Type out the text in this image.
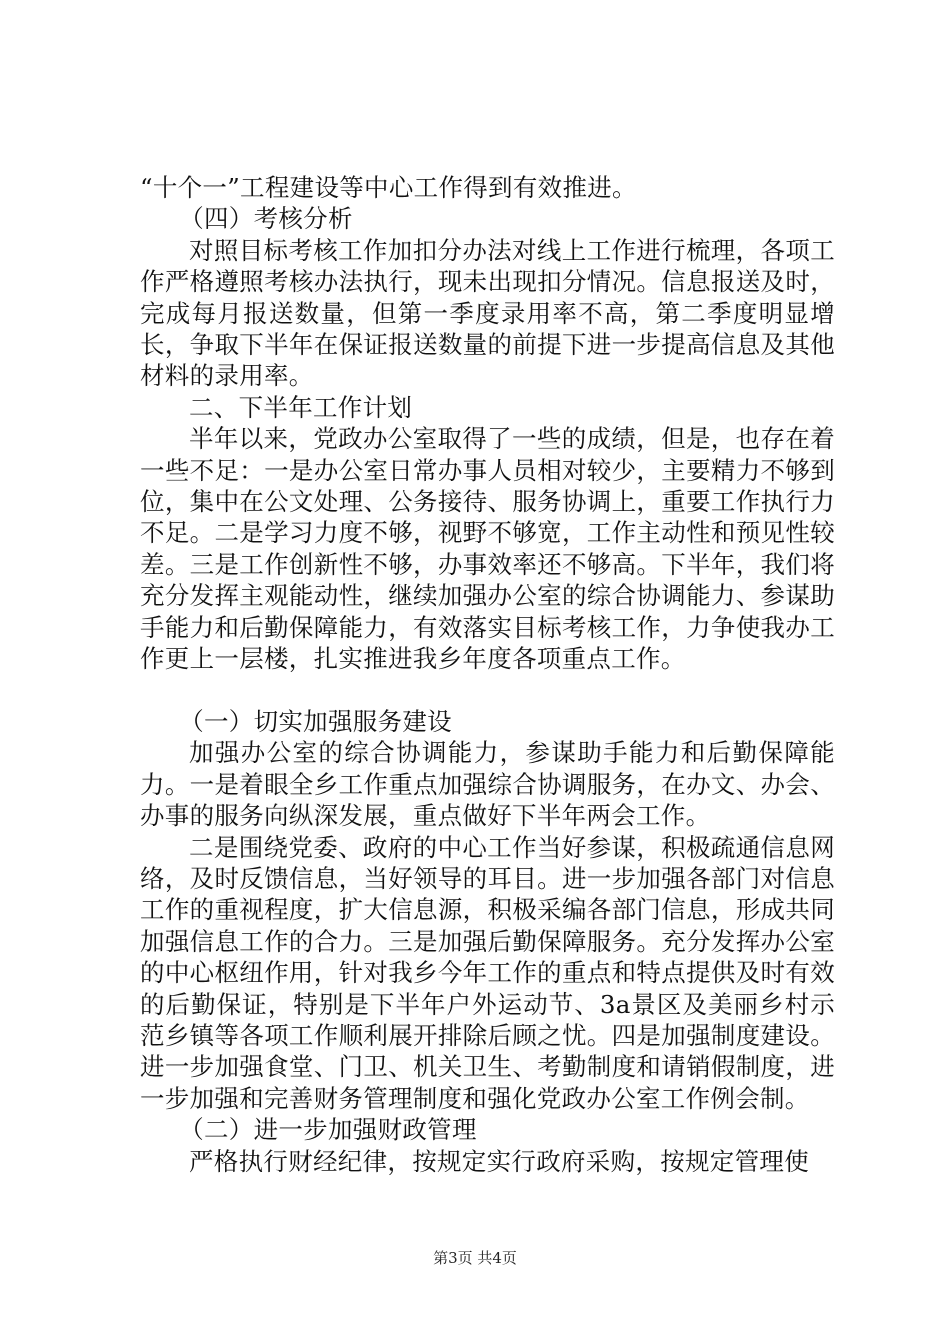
“十个一”工程建设等中心工作得到有效推进。

（四）考核分析

对照目标考核工作加扣分办法对线上工作进行梳理，各项工作严格遵照考核办法执行，现未出现扣分情况。信息报送及时，完成每月报送数量，但第一季度录用率不高，第二季度明显增长，争取下半年在保证报送数量的前提下进一步提高信息及其他材料的录用率。

二、下半年工作计划

半年以来，党政办公室取得了一些的成绩，但是，也存在着一些不足：一是办公室日常办事人员相对较少，主要精力不够到位，集中在公文处理、公务接待、服务协调上，重要工作执行力不足。二是学习力度不够，视野不够宽，工作主动性和预见性较差。三是工作创新性不够，办事效率还不够高。下半年，我们将充分发挥主观能动性，继续加强办公室的综合协调能力、参谋助手能力和后勤保障能力，有效落实目标考核工作，力争使我办工作更上一层楼，扎实推进我乡年度各项重点工作。

（一）切实加强服务建设

加强办公室的综合协调能力，参谋助手能力和后勤保障能力。一是着眼全乡工作重点加强综合协调服务，在办文、办会、办事的服务向纵深发展，重点做好下半年两会工作。

二是围绕党委、政府的中心工作当好参谋，积极疏通信息网络，及时反馈信息，当好领导的耳目。进一步加强各部门对信息工作的重视程度，扩大信息源，积极采编各部门信息，形成共同加强信息工作的合力。三是加强后勤保障服务。充分发挥办公室的中心枢纽作用，针对我乡今年工作的重点和特点提供及时有效的后勤保证，特别是下半年户外运动节、3a景区及美丽乡村示范乡镇等各项工作顺利展开排除后顾之忧。四是加强制度建设。进一步加强食堂、门卫、机关卫生、考勤制度和请销假制度，进一步加强和完善财务管理制度和强化党政办公室工作例会制。

（二）进一步加强财政管理

严格执行财经纪律，按规定实行政府采购，按规定管理使

第3页 共4页
